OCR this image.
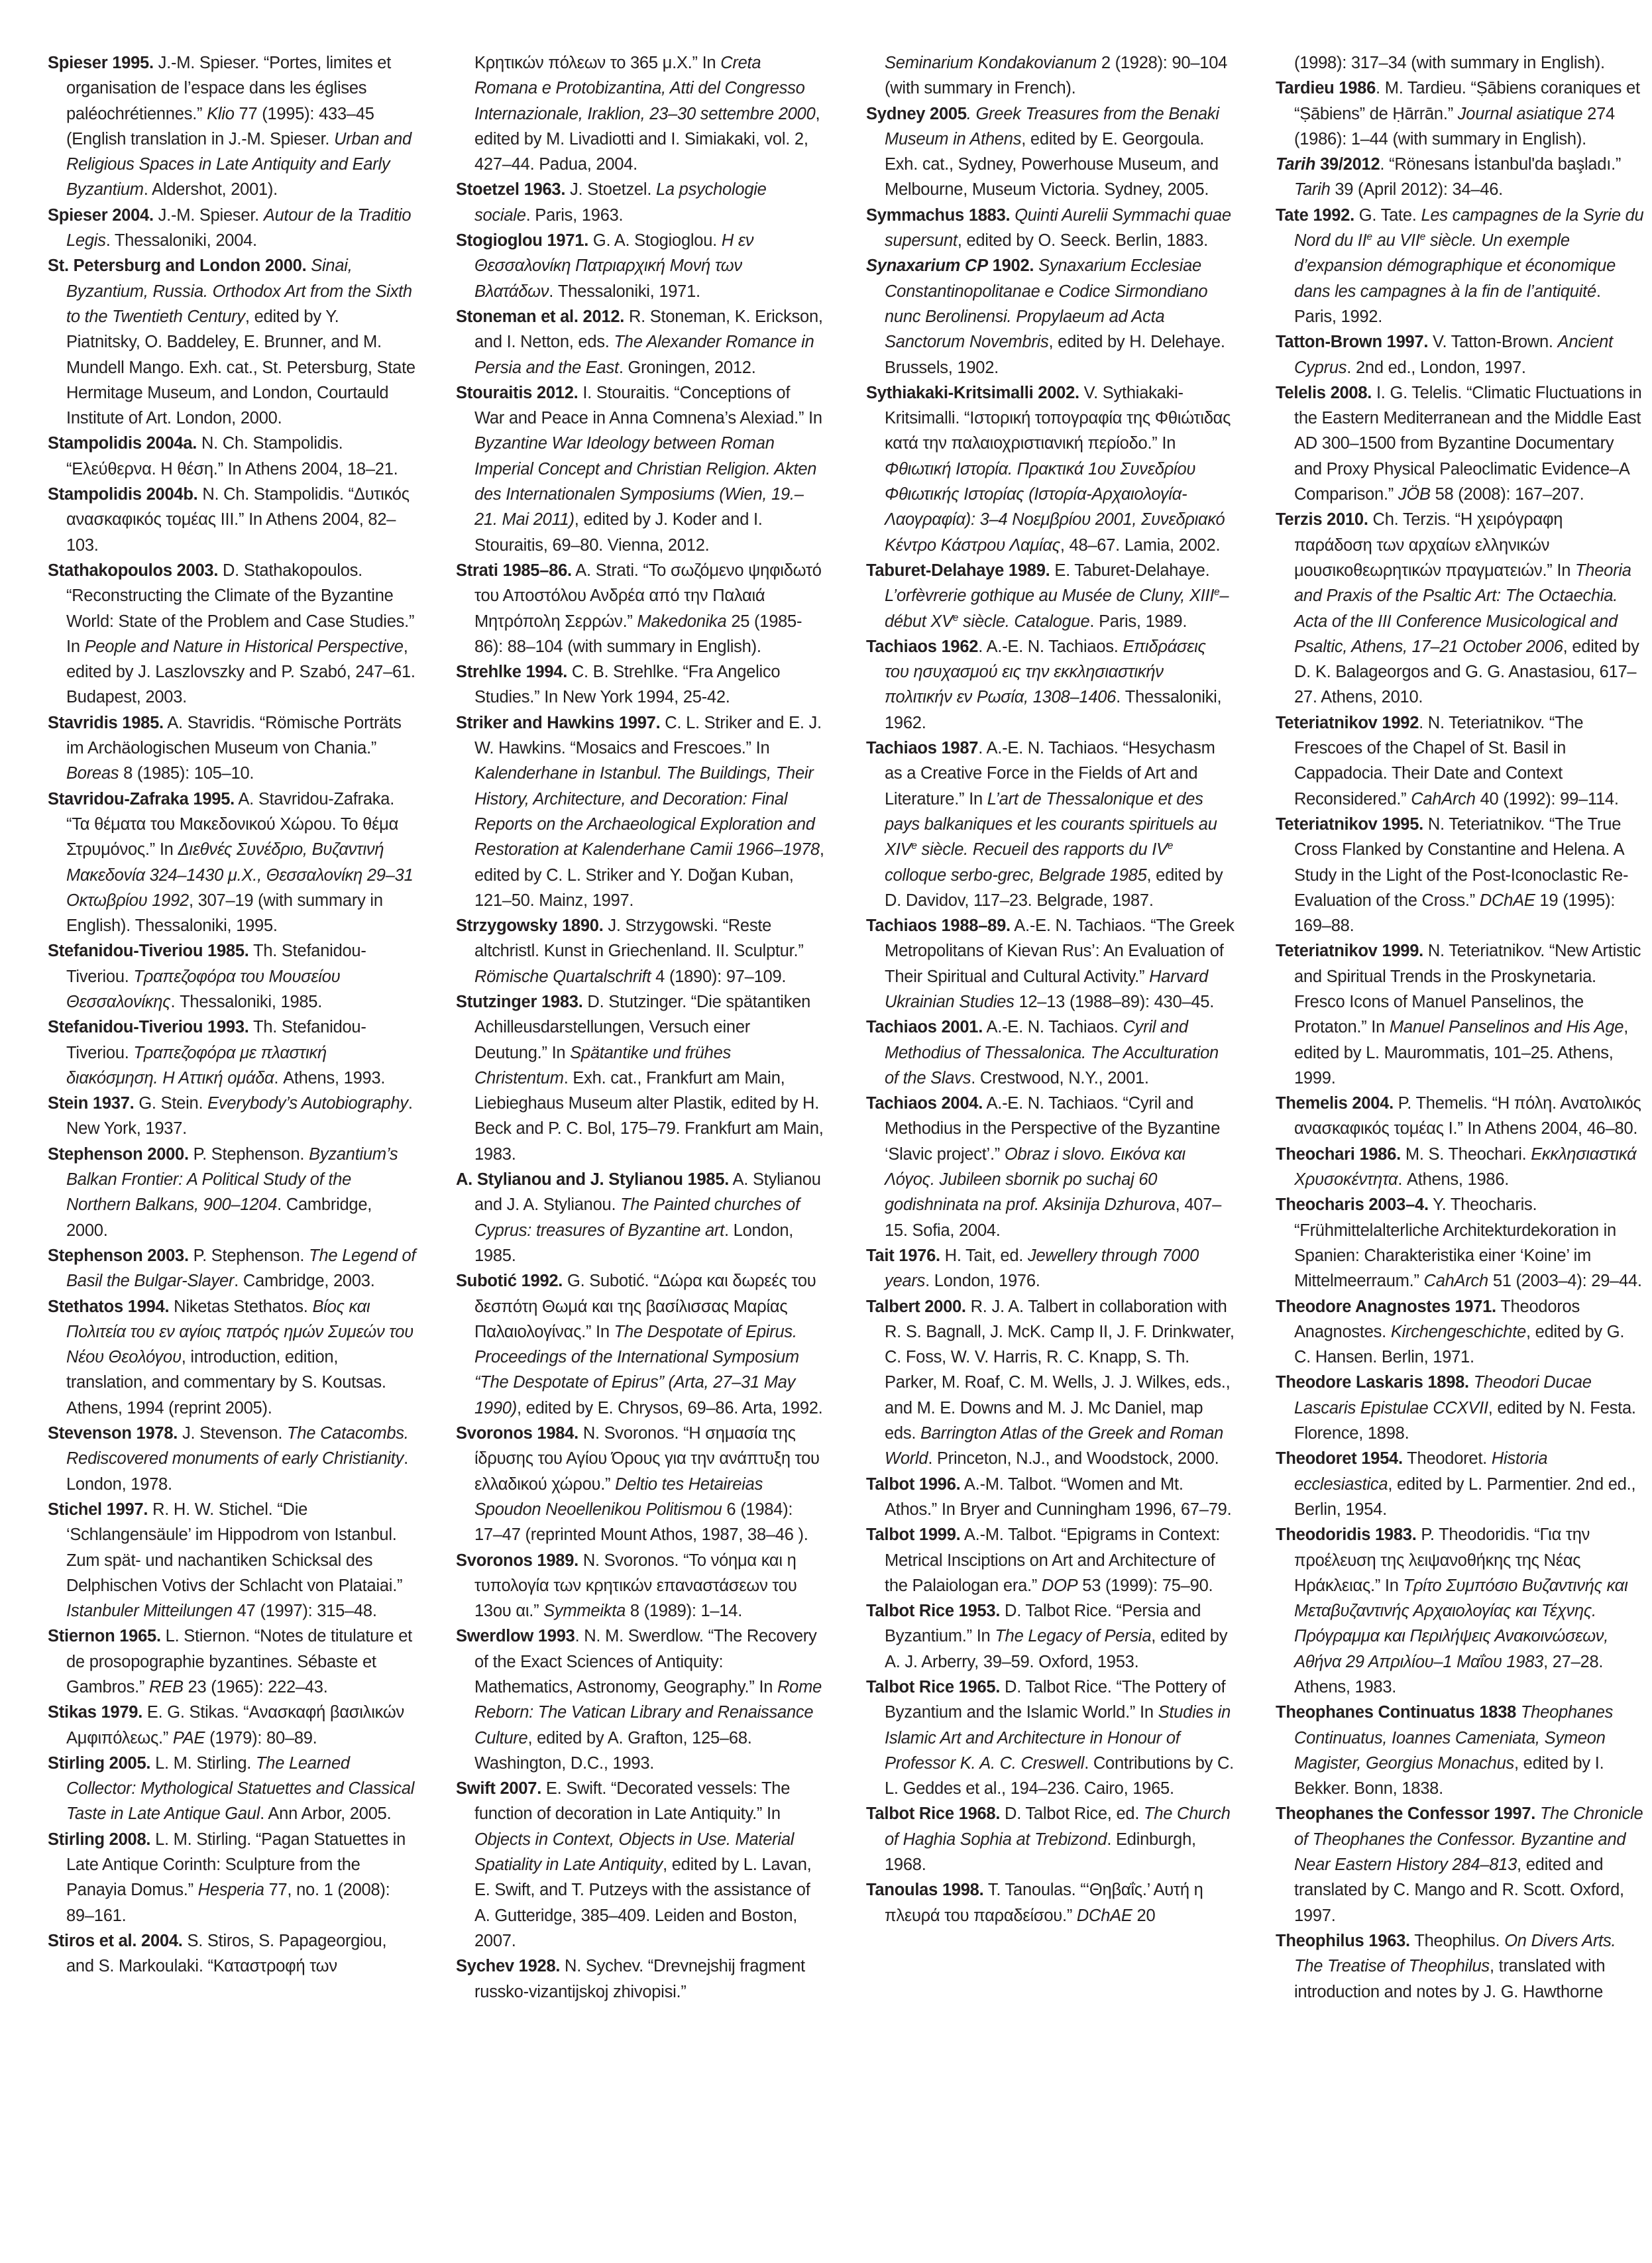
Spieser 1995. J.-M. Spieser. “Portes, limites et organisation de l’espace dans les églises paléochrétiennes.” Klio 77 (1995): 433–45 (English translation in J.-M. Spieser. Urban and Religious Spaces in Late Antiquity and Early Byzantium. Aldershot, 2001).

Spieser 2004. J.-M. Spieser. Autour de la Traditio Legis. Thessaloniki, 2004.

St. Petersburg and London 2000. Sinai, Byzantium, Russia. Orthodox Art from the Sixth to the Twentieth Century, edited by Y. Piatnitsky, O. Baddeley, E. Brunner, and M. Mundell Mango. Exh. cat., St. Petersburg, State Hermitage Museum, and London, Courtauld Institute of Art. London, 2000.

Stampolidis 2004a. N. Ch. Stampolidis. “Ελεύθερνα. Η θέση.” In Athens 2004, 18–21.

Stampolidis 2004b. N. Ch. Stampolidis. “Δυτικός ανασκαφικός τομέας III.” In Athens 2004, 82–103.

Stathakopoulos 2003. D. Stathakopoulos. “Reconstructing the Climate of the Byzantine World: State of the Problem and Case Studies.” In People and Nature in Historical Perspective, edited by J. Laszlovszky and P. Szabó, 247–61. Budapest, 2003.

Stavridis 1985. A. Stavridis. “Römische Porträts im Archäologischen Museum von Chania.” Boreas 8 (1985): 105–10.

Stavridou-Zafraka 1995. A. Stavridou-Zafraka. “Τα θέματα του Μακεδονικού Χώρου. Το θέμα Στρυμόνος.” In Διεθνές Συνέδριο, Βυζαντινή Μακεδονία 324–1430 μ.Χ., Θεσσαλονίκη 29–31 Οκτωβρίου 1992, 307–19 (with summary in English). Thessaloniki, 1995.

Stefanidou-Tiveriou 1985. Th. Stefanidou-Tiveriou. Τραπεζοφόρα του Μουσείου Θεσσαλονίκης. Thessaloniki, 1985.

Stefanidou-Tiveriou 1993. Th. Stefanidou-Tiveriou. Τραπεζοφόρα με πλαστική διακόσμηση. Η Αττική ομάδα. Athens, 1993.

Stein 1937. G. Stein. Everybody’s Autobiography. New York, 1937.

Stephenson 2000. P. Stephenson. Byzantium’s Balkan Frontier: A Political Study of the Northern Balkans, 900–1204. Cambridge, 2000.

Stephenson 2003. P. Stephenson. The Legend of Basil the Bulgar-Slayer. Cambridge, 2003.

Stethatos 1994. Niketas Stethatos. Βίος και Πολιτεία του εν αγίοις πατρός ημών Συμεών του Νέου Θεολόγου, introduction, edition, translation, and commentary by S. Koutsas. Athens, 1994 (reprint 2005).

Stevenson 1978. J. Stevenson. The Catacombs. Rediscovered monuments of early Christianity. London, 1978.

Stichel 1997. R. H. W. Stichel. “Die ‘Schlangensäule’ im Hippodrom von Istanbul. Zum spät- und nachantiken Schicksal des Delphischen Votivs der Schlacht von Plataiai.” Istanbuler Mitteilungen 47 (1997): 315–48.

Stiernon 1965. L. Stiernon. “Notes de titulature et de prosopographie byzantines. Sébaste et Gambros.” REB 23 (1965): 222–43.

Stikas 1979. E. G. Stikas. “Ανασκαφή βασιλικών Αμφιπόλεως.” PAE (1979): 80–89.

Stirling 2005. L. M. Stirling. The Learned Collector: Mythological Statuettes and Classical Taste in Late Antique Gaul. Ann Arbor, 2005.

Stirling 2008. L. M. Stirling. “Pagan Statuettes in Late Antique Corinth: Sculpture from the Panayia Domus.” Hesperia 77, no. 1 (2008): 89–161.

Stiros et al. 2004. S. Stiros, S. Papageorgiou, and S. Markoulaki. “Καταστροφή των

Κρητικών πόλεων το 365 μ.Χ.” In Creta Romana e Protobizantina, Atti del Congresso Internazionale, Iraklion, 23–30 settembre 2000, edited by M. Livadiotti and I. Simiakaki, vol. 2, 427–44. Padua, 2004.

Stoetzel 1963. J. Stoetzel. La psychologie sociale. Paris, 1963.

Stogioglou 1971. G. A. Stogioglou. Η εν Θεσσαλονίκη Πατριαρχική Μονή των Βλατάδων. Thessaloniki, 1971.

Stoneman et al. 2012. R. Stoneman, K. Erickson, and I. Netton, eds. The Alexander Romance in Persia and the East. Groningen, 2012.

Stouraitis 2012. I. Stouraitis. “Conceptions of War and Peace in Anna Comnena’s Alexiad.” In Byzantine War Ideology between Roman Imperial Concept and Christian Religion. Akten des Internationalen Symposiums (Wien, 19.–21. Mai 2011), edited by J. Koder and I. Stouraitis, 69–80. Vienna, 2012.

Strati 1985–86. A. Strati. “Το σωζόμενο ψηφιδωτό του Αποστόλου Ανδρέα από την Παλαιά Μητρόπολη Σερρών.” Makedonika 25 (1985-86): 88–104 (with summary in English).

Strehlke 1994. C. B. Strehlke. “Fra Angelico Studies.” In New York 1994, 25-42.

Striker and Hawkins 1997. C. L. Striker and E. J. W. Hawkins. “Mosaics and Frescoes.” In Kalenderhane in Istanbul. The Buildings, Their History, Architecture, and Decoration: Final Reports on the Archaeological Exploration and Restoration at Kalenderhane Camii 1966–1978, edited by C. L. Striker and Y. Doğan Kuban, 121–50. Mainz, 1997.

Strzygowsky 1890. J. Strzygowski. “Reste altchristl. Kunst in Griechenland. II. Sculptur.” Römische Quartalschrift 4 (1890): 97–109.

Stutzinger 1983. D. Stutzinger. “Die spätantiken Achilleusdarstellungen, Versuch einer Deutung.” In Spätantike und frühes Christentum. Exh. cat., Frankfurt am Main, Liebieghaus Museum alter Plastik, edited by H. Beck and P. C. Bol, 175–79. Frankfurt am Main, 1983.

A. Stylianou and J. Stylianou 1985. A. Stylianou and J. A. Stylianou. The Painted churches of Cyprus: treasures of Byzantine art. London, 1985.

Subotić 1992. G. Subotić. “Δώρα και δωρεές του δεσπότη Θωμά και της βασίλισσας Μαρίας Παλαιολογίνας.” In The Despotate of Epirus. Proceedings of the International Symposium “The Despotate of Epirus” (Arta, 27–31 May 1990), edited by E. Chrysos, 69–86. Arta, 1992.

Svoronos 1984. N. Svoronos. “Η σημασία της ίδρυσης του Αγίου Όρους για την ανάπτυξη του ελλαδικού χώρου.” Deltio tes Hetaireias Spoudon Neoellenikou Politismou 6 (1984): 17–47 (reprinted Mount Athos, 1987, 38–46 ).

Svoronos 1989. N. Svoronos. “Το νόημα και η τυπολογία των κρητικών επαναστάσεων του 13ου αι.” Symmeikta 8 (1989): 1–14.

Swerdlow 1993. N. M. Swerdlow. “The Recovery of the Exact Sciences of Antiquity: Mathematics, Astronomy, Geography.” In Rome Reborn: The Vatican Library and Renaissance Culture, edited by A. Grafton, 125–68. Washington, D.C., 1993.

Swift 2007. E. Swift. “Decorated vessels: The function of decoration in Late Antiquity.” In Objects in Context, Objects in Use. Material Spatiality in Late Antiquity, edited by L. Lavan, E. Swift, and T. Putzeys with the assistance of A. Gutteridge, 385–409. Leiden and Boston, 2007.

Sychev 1928. N. Sychev. “Drevnejshij fragment russko-vizantijskoj zhivopisi.”

Seminarium Kondakovianum 2 (1928): 90–104 (with summary in French).

Sydney 2005. Greek Treasures from the Benaki Museum in Athens, edited by E. Georgoula. Exh. cat., Sydney, Powerhouse Museum, and Melbourne, Museum Victoria. Sydney, 2005.

Symmachus 1883. Quinti Aurelii Symmachi quae supersunt, edited by O. Seeck. Berlin, 1883.

Synaxarium CP 1902. Synaxarium Ecclesiae Constantinopolitanae e Codice Sirmondiano nunc Berolinensi. Propylaeum ad Acta Sanctorum Novembris, edited by H. Delehaye. Brussels, 1902.

Sythiakaki-Kritsimalli 2002. V. Sythiakaki-Kritsimalli. “Ιστορική τοπογραφία της Φθιώτιδας κατά την παλαιοχριστιανική περίοδο.” In Φθιωτική Ιστορία. Πρακτικά 1ου Συνεδρίου Φθιωτικής Ιστορίας (Ιστορία-Αρχαιολογία-Λαογραφία): 3–4 Νοεμβρίου 2001, Συνεδριακό Κέντρο Κάστρου Λαμίας, 48–67. Lamia, 2002.

Taburet-Delahaye 1989. E. Taburet-Delahaye. L’orfèvrerie gothique au Musée de Cluny, XIIIe–début XVe siècle. Catalogue. Paris, 1989.

Tachiaos 1962. A.-E. N. Tachiaos. Επιδράσεις του ησυχασμού εις την εκκλησιαστικήν πολιτικήν εν Ρωσία, 1308–1406. Thessaloniki, 1962.

Tachiaos 1987. A.-E. N. Tachiaos. “Hesychasm as a Creative Force in the Fields of Art and Literature.” In L’art de Thessalonique et des pays balkaniques et les courants spirituels au XIVe siècle. Recueil des rapports du IVe colloque serbo-grec, Belgrade 1985, edited by D. Davidov, 117–23. Belgrade, 1987.

Tachiaos 1988–89. A.-E. N. Tachiaos. “The Greek Metropolitans of Kievan Rus’: An Evaluation of Their Spiritual and Cultural Activity.” Harvard Ukrainian Studies 12–13 (1988–89): 430–45.

Tachiaos 2001. A.-E. N. Tachiaos. Cyril and Methodius of Thessalonica. The Acculturation of the Slavs. Crestwood, N.Y., 2001.

Tachiaos 2004. A.-E. N. Tachiaos. “Cyril and Methodius in the Perspective of the Byzantine ‘Slavic project’.” Obraz i slovo. Εικόνα και Λόγος. Jubileen sbornik po suchaj 60 godishninata na prof. Aksinija Dzhurova, 407–15. Sofia, 2004.

Tait 1976. H. Tait, ed. Jewellery through 7000 years. London, 1976.

Talbert 2000. R. J. A. Talbert in collaboration with R. S. Bagnall, J. McK. Camp II, J. F. Drinkwater, C. Foss, W. V. Harris, R. C. Knapp, S. Th. Parker, M. Roaf, C. M. Wells, J. J. Wilkes, eds., and M. E. Downs and M. J. Mc Daniel, map eds. Barrington Atlas of the Greek and Roman World. Princeton, N.J., and Woodstock, 2000.

Talbot 1996. A.-M. Talbot. “Women and Mt. Athos.” In Bryer and Cunningham 1996, 67–79.

Talbot 1999. A.-M. Talbot. “Epigrams in Context: Metrical Insciptions on Art and Architecture of the Palaiologan era.” DOP 53 (1999): 75–90.

Talbot Rice 1953. D. Talbot Rice. “Persia and Byzantium.” In The Legacy of Persia, edited by A. J. Arberry, 39–59. Oxford, 1953.

Talbot Rice 1965. D. Talbot Rice. “The Pottery of Byzantium and the Islamic World.” In Studies in Islamic Art and Architecture in Honour of Professor K. A. C. Creswell. Contributions by C. L. Geddes et al., 194–236. Cairo, 1965.

Talbot Rice 1968. D. Talbot Rice, ed. The Church of Haghia Sophia at Trebizond. Edinburgh, 1968.

Tanoulas 1998. T. Tanoulas. “‘Θηβαΐς.’ Αυτή η πλευρά του παραδείσου.” DChAE 20

(1998): 317–34 (with summary in English).

Tardieu 1986. M. Tardieu. “Ṣābiens coraniques et “Ṣābiens” de Ḥārrān.” Journal asiatique 274 (1986): 1–44 (with summary in English).

Tarih 39/2012. “Rönesans İstanbul'da başladı.” Tarih 39 (April 2012): 34–46.

Tate 1992. G. Tate. Les campagnes de la Syrie du Nord du IIe au VIIe siècle. Un exemple d’expansion démographique et économique dans les campagnes à la fin de l’antiquité. Paris, 1992.

Tatton-Brown 1997. V. Tatton-Brown. Ancient Cyprus. 2nd ed., London, 1997.

Telelis 2008. I. G. Telelis. “Climatic Fluctuations in the Eastern Mediterranean and the Middle East AD 300–1500 from Byzantine Documentary and Proxy Physical Paleoclimatic Evidence–A Comparison.” JÖB 58 (2008): 167–207.

Terzis 2010. Ch. Terzis. “Η χειρόγραφη παράδοση των αρχαίων ελληνικών μουσικοθεωρητικών πραγματειών.” In Theoria and Praxis of the Psaltic Art: The Octaechia. Acta of the III Conference Musicological and Psaltic, Athens, 17–21 October 2006, edited by D. K. Balageorgos and G. G. Anastasiou, 617–27. Athens, 2010.

Teteriatnikov 1992. N. Teteriatnikov. “The Frescoes of the Chapel of St. Basil in Cappadocia. Their Date and Context Reconsidered.” CahArch 40 (1992): 99–114.

Teteriatnikov 1995. N. Teteriatnikov. “The True Cross Flanked by Constantine and Helena. A Study in the Light of the Post-Iconoclastic Re-Evaluation of the Cross.” DChAE 19 (1995): 169–88.

Teteriatnikov 1999. N. Teteriatnikov. “New Artistic and Spiritual Trends in the Proskynetaria. Fresco Icons of Manuel Panselinos, the Protaton.” In Manuel Panselinos and His Age, edited by L. Maurommatis, 101–25. Athens, 1999.

Themelis 2004. P. Themelis. “Η πόλη. Ανατολικός ανασκαφικός τομέας I.” In Athens 2004, 46–80.

Theochari 1986. M. S. Theochari. Εκκλησιαστικά Χρυσοκέντητα. Athens, 1986.

Theocharis 2003–4. Y. Theocharis. “Frühmittelalterliche Architekturdekoration in Spanien: Charakteristika einer ‘Koine’ im Mittelmeerraum.” CahArch 51 (2003–4): 29–44.

Theodore Anagnostes 1971. Theodoros Anagnostes. Kirchengeschichte, edited by G. C. Hansen. Berlin, 1971.

Theodore Laskaris 1898. Theodori Ducae Lascaris Epistulae CCXVII, edited by N. Festa. Florence, 1898.

Theodoret 1954. Theodoret. Historia ecclesiastica, edited by L. Parmentier. 2nd ed., Berlin, 1954.

Theodoridis 1983. P. Theodoridis. “Για την προέλευση της λειψανοθήκης της Νέας Ηράκλειας.” In Τρίτο Συμπόσιο Βυζαντινής και Μεταβυζαντινής Αρχαιολογίας και Τέχνης. Πρόγραμμα και Περιλήψεις Ανακοινώσεων, Αθήνα 29 Απριλίου–1 Μαΐου 1983, 27–28. Athens, 1983.

Theophanes Continuatus 1838 Theophanes Continuatus, Ioannes Cameniata, Symeon Magister, Georgius Monachus, edited by I. Bekker. Bonn, 1838.

Theophanes the Confessor 1997. The Chronicle of Theophanes the Confessor. Byzantine and Near Eastern History 284–813, edited and translated by C. Mango and R. Scott. Oxford, 1997.

Theophilus 1963. Theophilus. On Divers Arts. The Treatise of Theophilus, translated with introduction and notes by J. G. Hawthorne
